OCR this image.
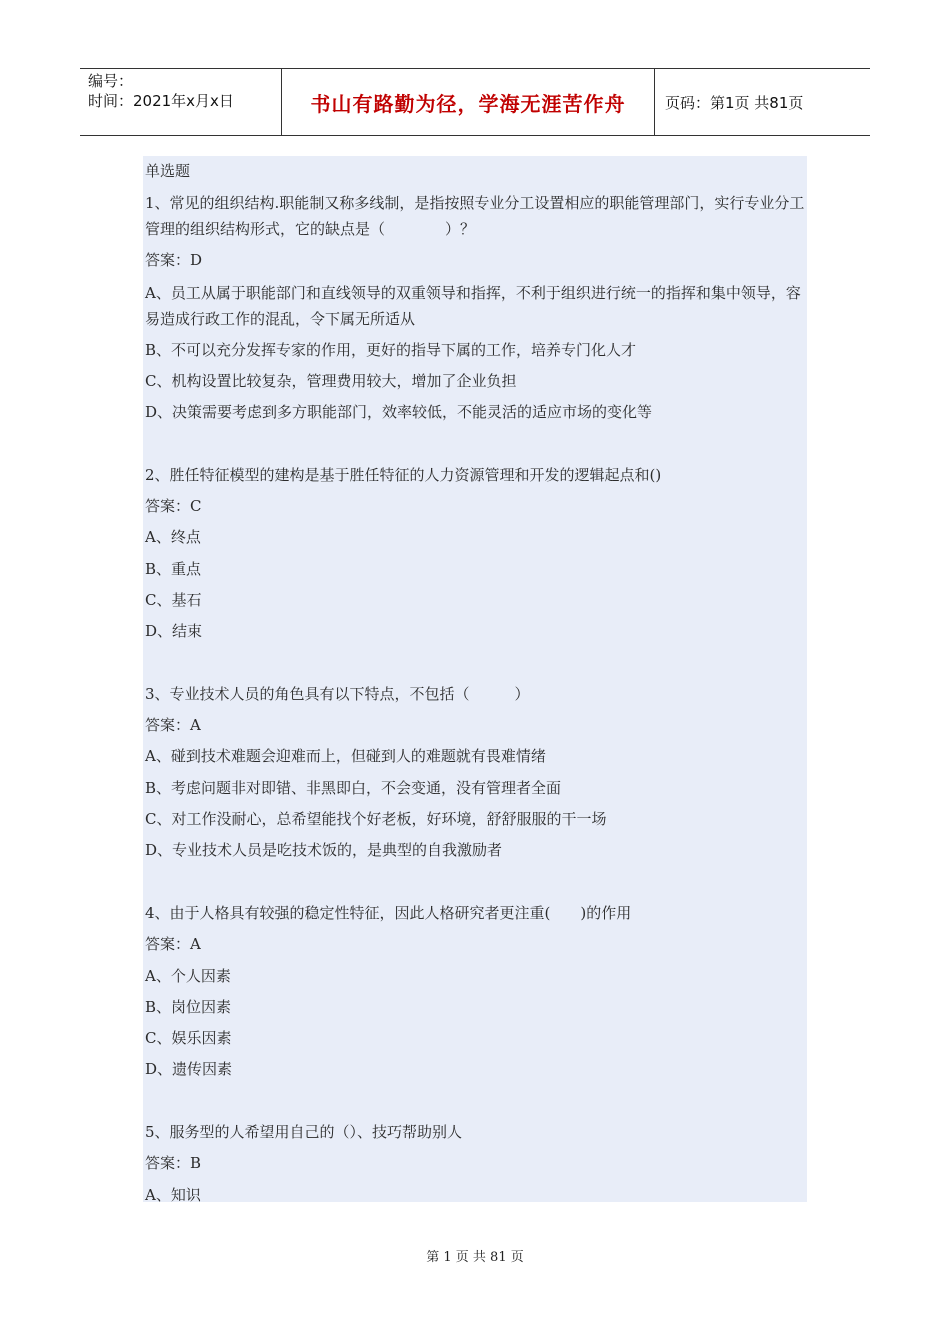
编号：
时间：2021年x月x日	书山有路勤为径，学海无涯苦作舟	页码：第1页 共81页
单选题
1、常见的组织结构.职能制又称多线制，是指按照专业分工设置相应的职能管理部门，实行专业分工管理的组织结构形式，它的缺点是（　　　　）？
答案：D
A、员工从属于职能部门和直线领导的双重领导和指挥，不利于组织进行统一的指挥和集中领导，容易造成行政工作的混乱，令下属无所适从
B、不可以充分发挥专家的作用，更好的指导下属的工作，培养专门化人才
C、机构设置比较复杂，管理费用较大，增加了企业负担
D、决策需要考虑到多方职能部门，效率较低，不能灵活的适应市场的变化等
2、胜任特征模型的建构是基于胜任特征的人力资源管理和开发的逻辑起点和()
答案：C
A、终点
B、重点
C、基石
D、结束
3、专业技术人员的角色具有以下特点，不包括（　　　）
答案：A
A、碰到技术难题会迎难而上，但碰到人的难题就有畏难情绪
B、考虑问题非对即错、非黑即白，不会变通，没有管理者全面
C、对工作没耐心，总希望能找个好老板，好环境，舒舒服服的干一场
D、专业技术人员是吃技术饭的，是典型的自我激励者
4、由于人格具有较强的稳定性特征，因此人格研究者更注重(　　)的作用
答案：A
A、个人因素
B、岗位因素
C、娱乐因素
D、遗传因素
5、服务型的人希望用自己的（）、技巧帮助别人
答案：B
A、知识
第 1 页 共 81 页
